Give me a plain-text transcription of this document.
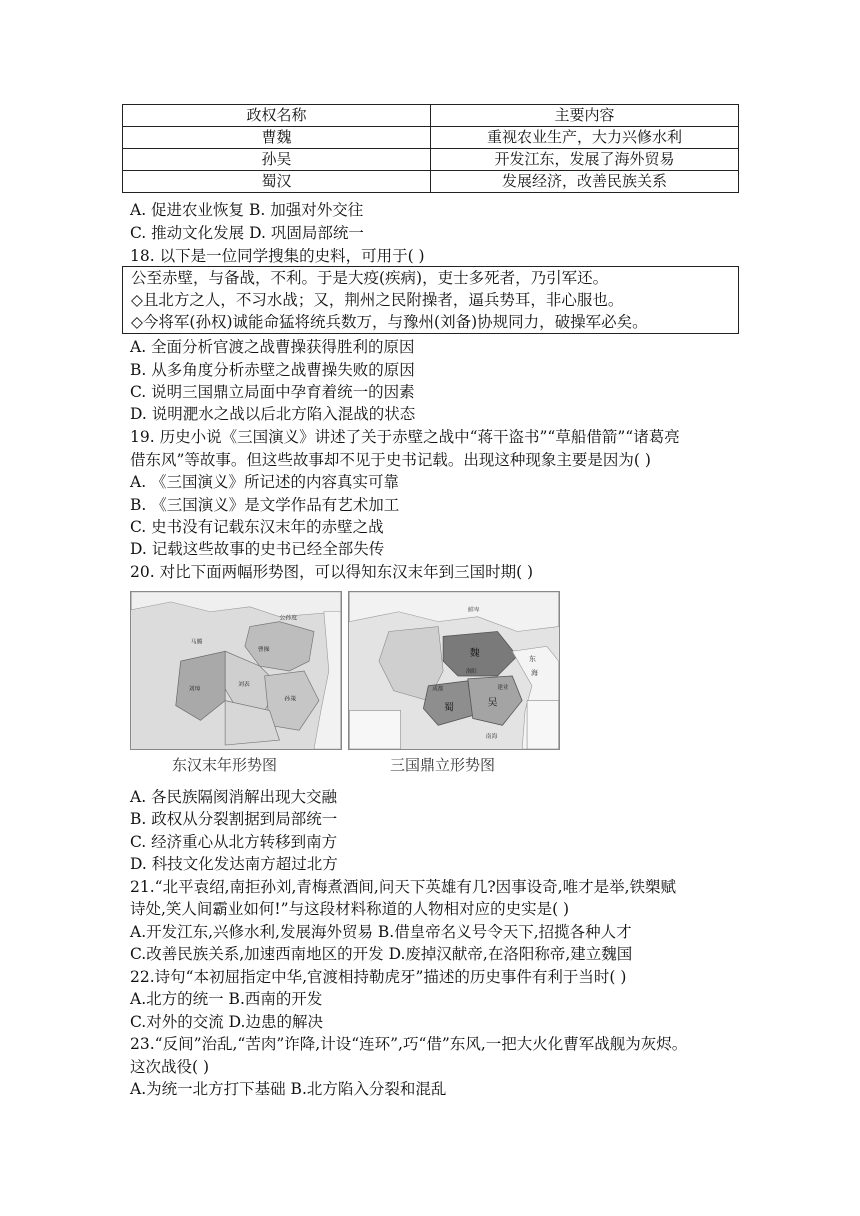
政权名称	主要内容
曹魏	重视农业生产，大力兴修水利
孙吴	开发江东，发展了海外贸易
蜀汉	发展经济，改善民族关系
A. 促进农业恢复 B. 加强对外交往
C. 推动文化发展 D. 巩固局部统一
18. 以下是一位同学搜集的史料，可用于( )
公至赤壁，与备战，不利。于是大疫(疾病)，吏士多死者，乃引军还。
◇且北方之人，不习水战；又，荆州之民附操者，逼兵势耳，非心服也。
◇今将军(孙权)诚能命猛将统兵数万，与豫州(刘备)协规同力，破操军必矣。
A. 全面分析官渡之战曹操获得胜利的原因
B. 从多角度分析赤壁之战曹操失败的原因
C. 说明三国鼎立局面中孕育着统一的因素
D. 说明淝水之战以后北方陷入混战的状态
19. 历史小说《三国演义》讲述了关于赤壁之战中“蒋干盗书”“草船借箭”“诸葛亮
借东风”等故事。但这些故事却不见于史书记载。出现这种现象主要是因为( )
A. 《三国演义》所记述的内容真实可靠
B. 《三国演义》是文学作品有艺术加工
C. 史书没有记载东汉末年的赤壁之战
D. 记载这些故事的史书已经全部失传
20. 对比下面两幅形势图，可以得知东汉末年到三国时期( )
公孙度
曹操
刘表
孙策
刘璋
马腾
东汉末年形势图
鲜卑
魏
蜀	吴
洛阳
成都	建业
东
海
南海
三国鼎立形势图
A. 各民族隔阂消解出现大交融
B. 政权从分裂割据到局部统一
C. 经济重心从北方转移到南方
D. 科技文化发达南方超过北方
21.“北平袁绍,南拒孙刘,青梅煮酒间,问天下英雄有几?因事设奇,唯才是举,铁槊赋
诗处,笑人间霸业如何!”与这段材料称道的人物相对应的史实是( )
A.开发江东,兴修水利,发展海外贸易 B.借皇帝名义号令天下,招揽各种人才
C.改善民族关系,加速西南地区的开发 D.废掉汉献帝,在洛阳称帝,建立魏国
22.诗句“本初屈指定中华,官渡相持勒虎牙”描述的历史事件有利于当时( )
A.北方的统一 B.西南的开发
C.对外的交流 D.边患的解决
23.“反间”治乱,“苦肉”诈降,计设“连环”,巧“借”东风,一把大火化曹军战舰为灰烬。
这次战役( )
A.为统一北方打下基础 B.北方陷入分裂和混乱
